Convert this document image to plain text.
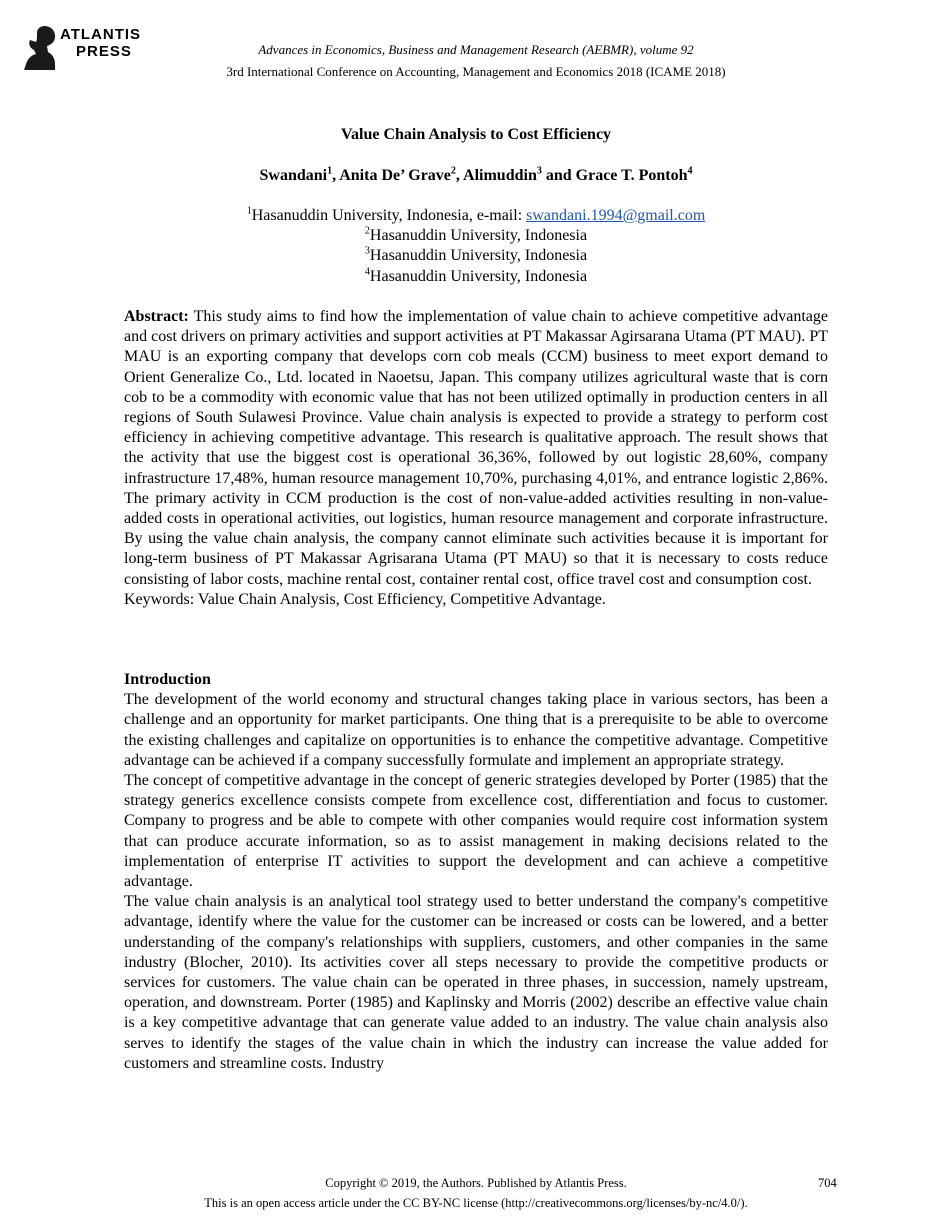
ATLANTIS
PRESS	Advances in Economics, Business and Management Research (AEBMR), volume 92
3rd International Conference on Accounting, Management and Economics 2018 (ICAME 2018)
Value Chain Analysis to Cost Efficiency
Swandani$^1$, Anita De’ Grave$^2$, Alimuddin$^3$ and Grace T. Pontoh$^4$
$^1$Hasanuddin University, Indonesia, e-mail: swandani.1994@gmail.com
$^2$Hasanuddin University, Indonesia
$^3$Hasanuddin University, Indonesia
$^4$Hasanuddin University, Indonesia

Abstract: This study aims to find how the implementation of value chain to achieve competitive advantage and cost drivers on primary activities and support activities at PT Makassar Agirsarana Utama (PT MAU). PT MAU is an exporting company that develops corn cob meals (CCM) business to meet export demand to Orient Generalize Co., Ltd. located in Naoetsu, Japan. This company utilizes agricultural waste that is corn cob to be a commodity with economic value that has not been utilized optimally in production centers in all regions of South Sulawesi Province. Value chain analysis is expected to provide a strategy to perform cost efficiency in achieving competitive advantage. This research is qualitative approach. The result shows that the activity that use the biggest cost is operational 36,36%, followed by out logistic 28,60%, company infrastructure 17,48%, human resource management 10,70%, purchasing 4,01%, and entrance logistic 2,86%. The primary activity in CCM production is the cost of non-value-added activities resulting in non-value-added costs in operational activities, out logistics, human resource management and corporate infrastructure. By using the value chain analysis, the company cannot eliminate such activities because it is important for long-term business of PT Makassar Agrisarana Utama (PT MAU) so that it is necessary to costs reduce consisting of labor costs, machine rental cost, container rental cost, office travel cost and consumption cost.

Keywords: Value Chain Analysis, Cost Efficiency, Competitive Advantage.

Introduction

The development of the world economy and structural changes taking place in various sectors, has been a challenge and an opportunity for market participants. One thing that is a prerequisite to be able to overcome the existing challenges and capitalize on opportunities is to enhance the competitive advantage. Competitive advantage can be achieved if a company successfully formulate and implement an appropriate strategy.

The concept of competitive advantage in the concept of generic strategies developed by Porter (1985) that the strategy generics excellence consists compete from excellence cost, differentiation and focus to customer. Company to progress and be able to compete with other companies would require cost information system that can produce accurate information, so as to assist management in making decisions related to the implementation of enterprise IT activities to support the development and can achieve a competitive advantage.

The value chain analysis is an analytical tool strategy used to better understand the company's competitive advantage, identify where the value for the customer can be increased or costs can be lowered, and a better understanding of the company's relationships with suppliers, customers, and other companies in the same industry (Blocher, 2010). Its activities cover all steps necessary to provide the competitive products or services for customers. The value chain can be operated in three phases, in succession, namely upstream, operation, and downstream. Porter (1985) and Kaplinsky and Morris (2002) describe an effective value chain is a key competitive advantage that can generate value added to an industry. The value chain analysis also serves to identify the stages of the value chain in which the industry can increase the value added for customers and streamline costs. Industry

Copyright © 2019, the Authors. Published by Atlantis Press.	704
This is an open access article under the CC BY-NC license (http://creativecommons.org/licenses/by-nc/4.0/).
